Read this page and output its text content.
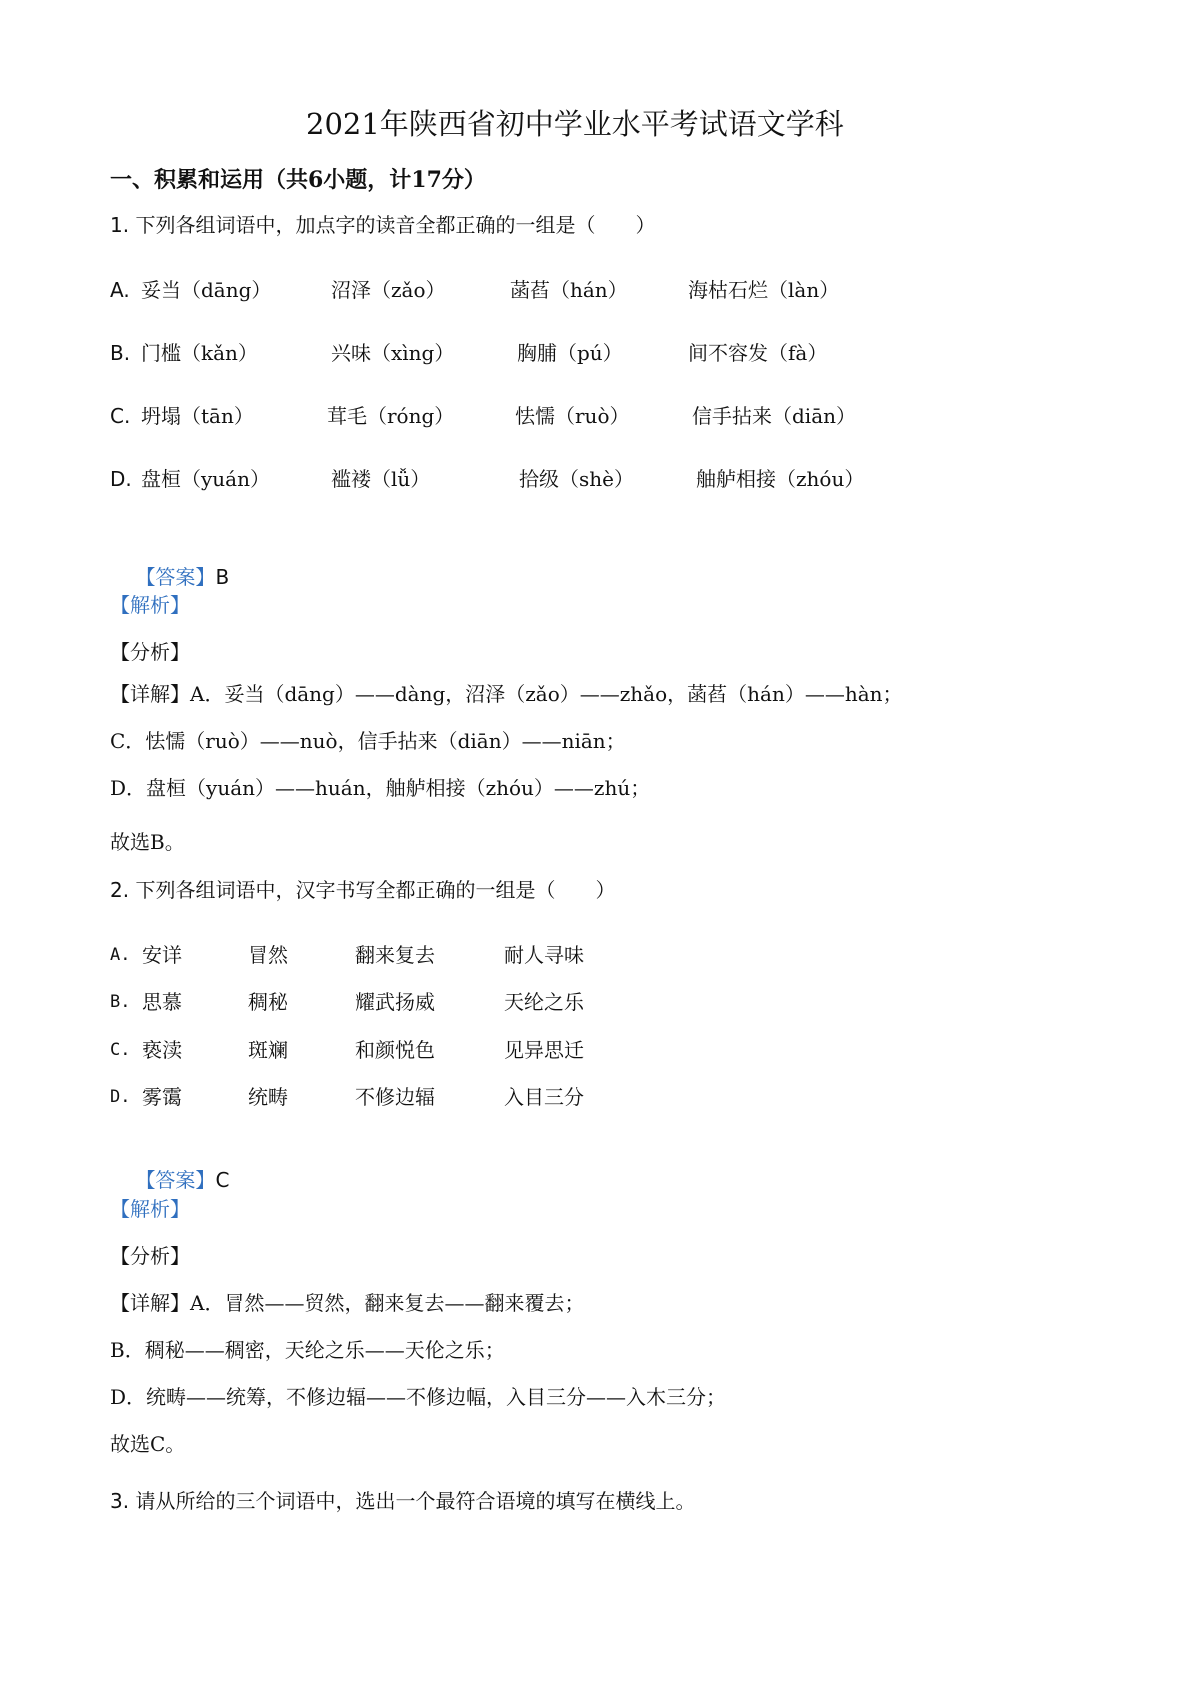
2021年陕西省初中学业水平考试语文学科
一、积累和运用（共6小题，计17分）
1. 下列各组词语中，加点字的读音全都正确的一组是（　　）
A. 妥当（dāng）	沼泽（zǎo）	菡萏（hán）	海枯石烂（làn）
B. 门槛（kǎn）	兴味（xìng）	胸脯（pú）	间不容发（fà）
C. 坍塌（tān）	茸毛（róng）	怯懦（ruò）	信手拈来（diān）
D. 盘桓（yuán）	褴褛（lǚ）	拾级（shè）	舳舻相接（zhóu）

【答案】B

【解析】
【分析】
【详解】A．妥当（dāng）——dàng，沼泽（zǎo）——zhǎo，菡萏（hán）——hàn；
C．怯懦（ruò）——nuò，信手拈来（diān）——niān；
D．盘桓（yuán）——huán，舳舻相接（zhóu）——zhú；
故选B。
2. 下列各组词语中，汉字书写全都正确的一组是（　　）
A. 安详	冒然	翻来复去	耐人寻味
B. 思慕	稠秘	耀武扬威	天纶之乐
C. 亵渎	斑斓	和颜悦色	见异思迁
D. 雾霭	统畴	不修边辐	入目三分

【答案】C

【解析】
【分析】
【详解】A．冒然——贸然，翻来复去——翻来覆去；
B．稠秘——稠密，天纶之乐——天伦之乐；
D．统畴——统筹，不修边辐——不修边幅，入目三分——入木三分；
故选C。
3. 请从所给的三个词语中，选出一个最符合语境的填写在横线上。
